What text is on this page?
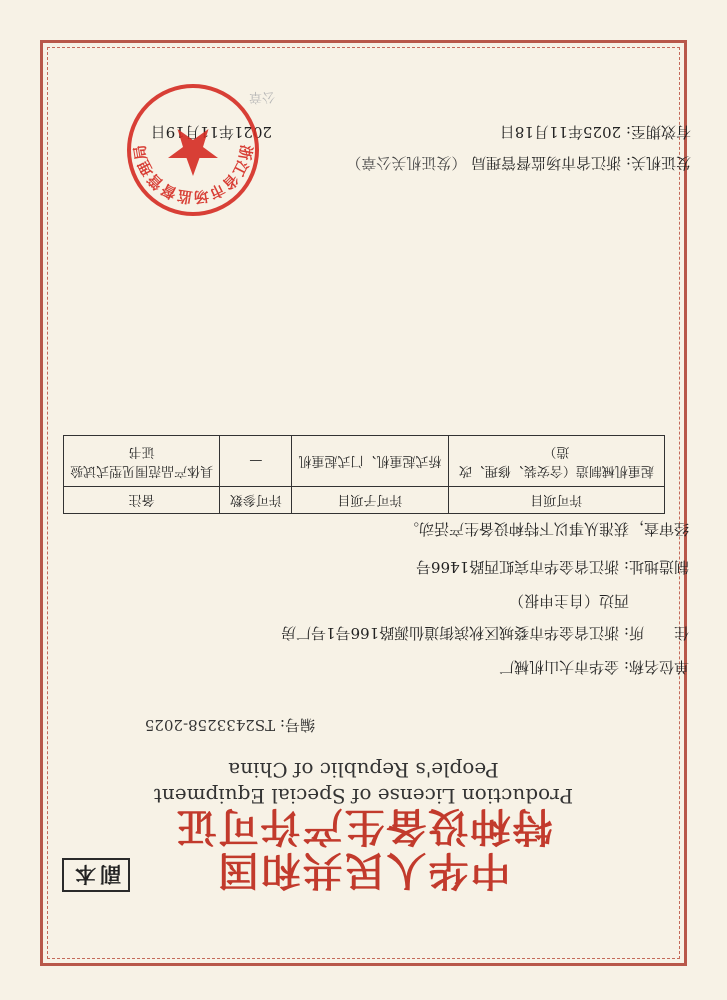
副本	中华人民共和国
特种设备生产许可证
Production License of Special Equipment
People's Republic of China
编号: TS2433258-2025
单位名称: 金华市大山机械厂
住　　所: 浙江省金华市婺城区秋滨街道仙源路166号1号厂房
西边（自主申报）
制造地址: 浙江省金华市宾虹西路1466号
经审查，获准从事以下特种设备生产活动。
许可项目	许可子项目	许可参数	备注
起重机械制造（含安装、修理、改造）	桥式起重机、门式起重机	—	具体产品范围见型式试验证书
发证机关: 浙江省市场监督管理局 （发证机关公章）
有效期至: 2025年11月18日
2021年11月19日
公章
浙江省市场监督管理局
